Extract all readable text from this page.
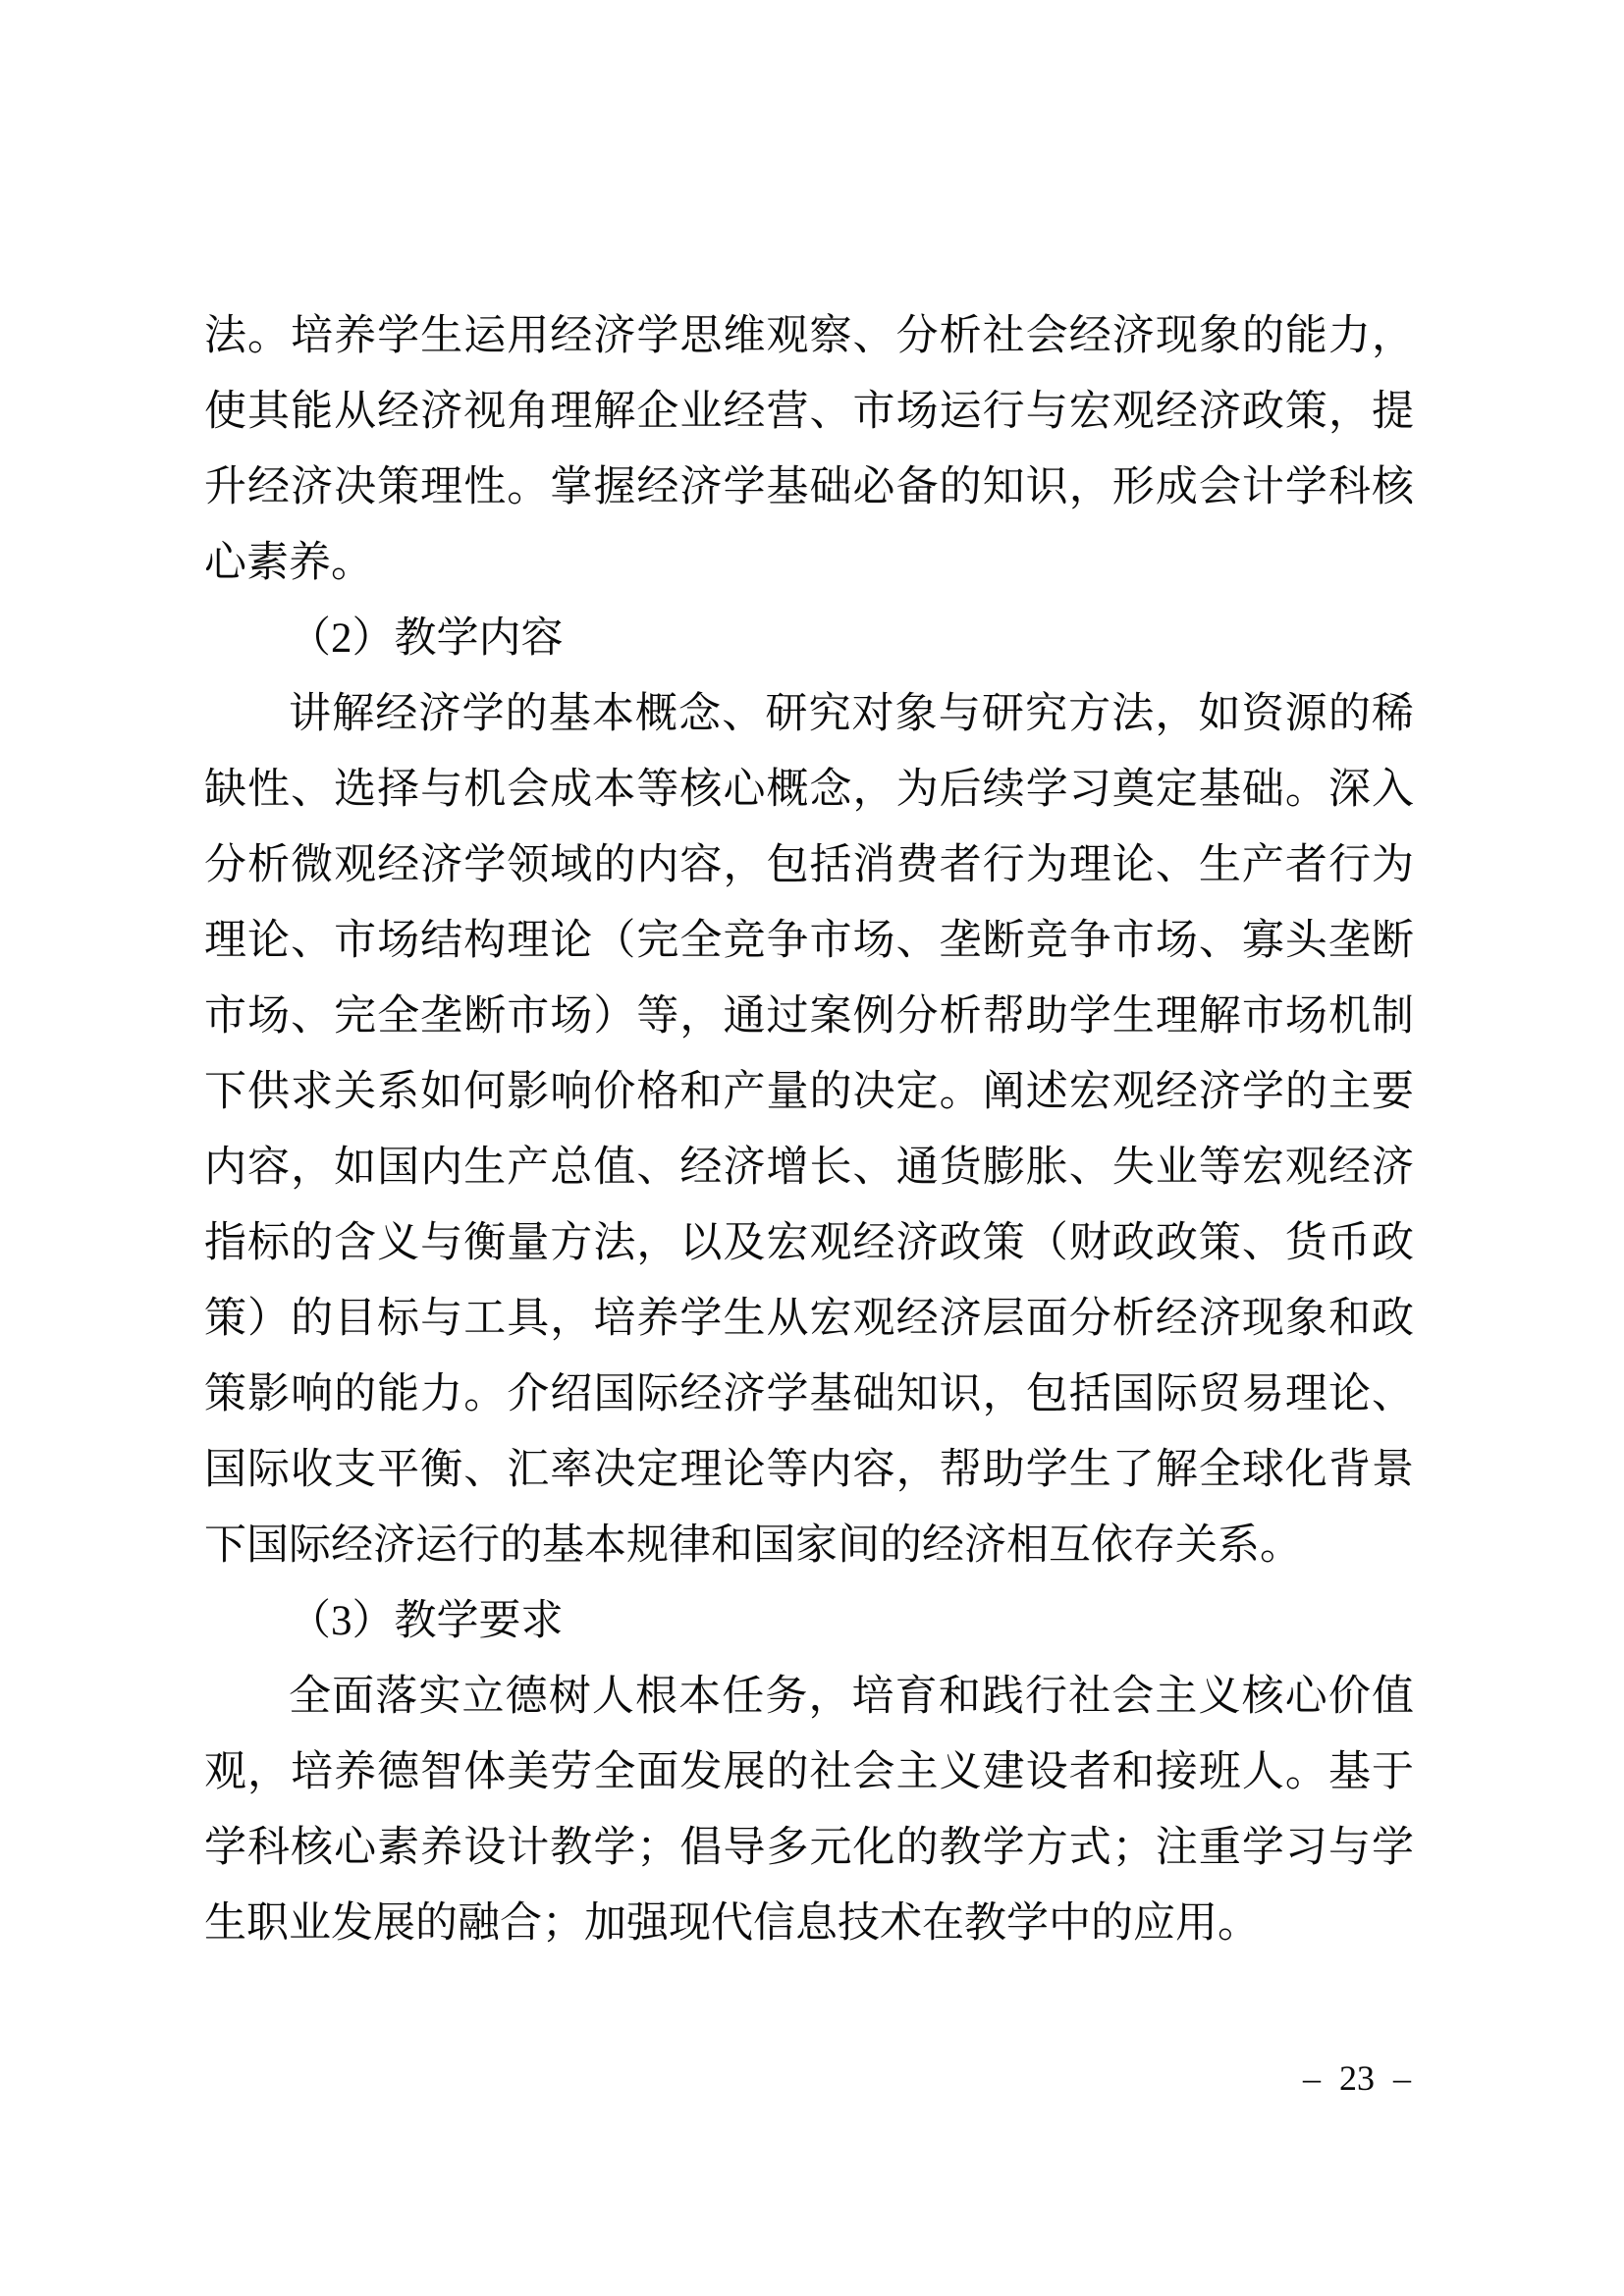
法。培养学生运用经济学思维观察、分析社会经济现象的能力，
使其能从经济视角理解企业经营、市场运行与宏观经济政策，提
升经济决策理性。掌握经济学基础必备的知识，形成会计学科核
心素养。
（2）教学内容
讲解经济学的基本概念、研究对象与研究方法，如资源的稀
缺性、选择与机会成本等核心概念，为后续学习奠定基础。深入
分析微观经济学领域的内容，包括消费者行为理论、生产者行为
理论、市场结构理论（完全竞争市场、垄断竞争市场、寡头垄断
市场、完全垄断市场）等，通过案例分析帮助学生理解市场机制
下供求关系如何影响价格和产量的决定。阐述宏观经济学的主要
内容，如国内生产总值、经济增长、通货膨胀、失业等宏观经济
指标的含义与衡量方法，以及宏观经济政策（财政政策、货币政
策）的目标与工具，培养学生从宏观经济层面分析经济现象和政
策影响的能力。介绍国际经济学基础知识，包括国际贸易理论、
国际收支平衡、汇率决定理论等内容，帮助学生了解全球化背景
下国际经济运行的基本规律和国家间的经济相互依存关系。
（3）教学要求
全面落实立德树人根本任务，培育和践行社会主义核心价值
观，培养德智体美劳全面发展的社会主义建设者和接班人。基于
学科核心素养设计教学；倡导多元化的教学方式；注重学习与学
生职业发展的融合；加强现代信息技术在教学中的应用。
– 23 –
